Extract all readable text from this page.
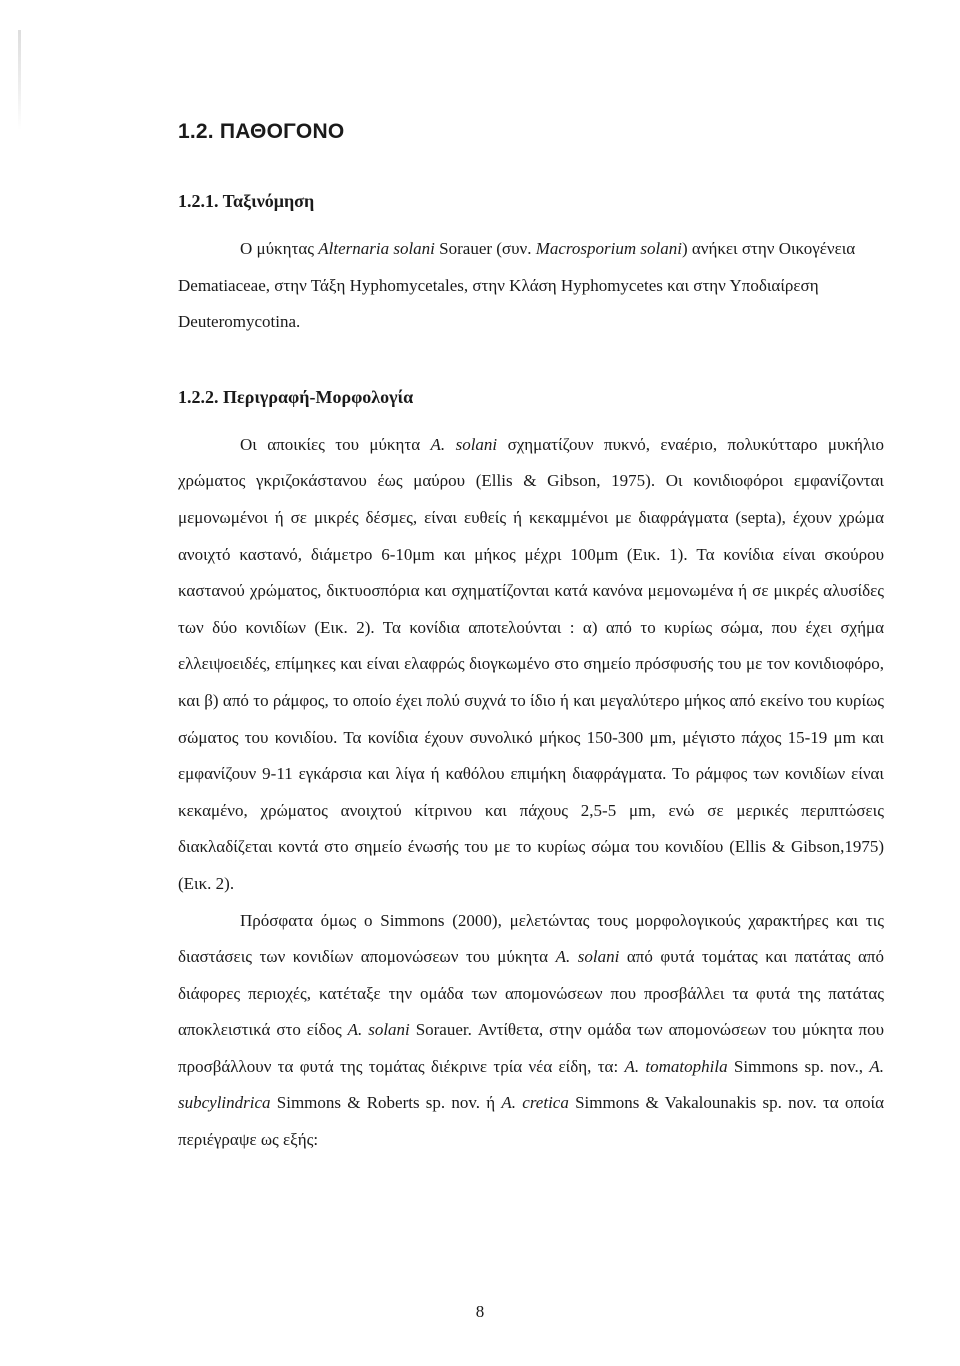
1.2. ΠΑΘΟΓΟΝΟ
1.2.1. Ταξινόμηση

Ο μύκητας Alternaria solani Sorauer (συν. Macrosporium solani) ανήκει στην Οικογένεια Dematiaceae, στην Τάξη Hyphomycetales, στην Κλάση Hyphomycetes και στην Υποδιαίρεση Deuteromycotina.

1.2.2. Περιγραφή-Μορφολογία

Οι αποικίες του μύκητα A. solani σχηματίζουν πυκνό, εναέριο, πολυκύτταρο μυκήλιο χρώματος γκριζοκάστανου έως μαύρου (Ellis & Gibson, 1975). Οι κονιδιοφόροι εμφανίζονται μεμονωμένοι ή σε μικρές δέσμες, είναι ευθείς ή κεκαμμένοι με διαφράγματα (septa), έχουν χρώμα ανοιχτό καστανό, διάμετρο 6-10μm και μήκος μέχρι 100μm (Εικ. 1). Τα κονίδια είναι σκούρου καστανού χρώματος, δικτυοσπόρια και σχηματίζονται κατά κανόνα μεμονωμένα ή σε μικρές αλυσίδες των δύο κονιδίων (Εικ. 2). Τα κονίδια αποτελούνται : α) από το κυρίως σώμα, που έχει σχήμα ελλειψοειδές, επίμηκες και είναι ελαφρώς διογκωμένο στο σημείο πρόσφυσής του με τον κονιδιοφόρο, και β) από το ράμφος, το οποίο έχει πολύ συχνά το ίδιο ή και μεγαλύτερο μήκος από εκείνο του κυρίως σώματος του κονιδίου. Τα κονίδια έχουν συνολικό μήκος 150-300 μm, μέγιστο πάχος 15-19 μm και εμφανίζουν 9-11 εγκάρσια και λίγα ή καθόλου επιμήκη διαφράγματα. Το ράμφος των κονιδίων είναι κεκαμένο, χρώματος ανοιχτού κίτρινου και πάχους 2,5-5 μm, ενώ σε μερικές περιπτώσεις διακλαδίζεται κοντά στο σημείο ένωσής του με το κυρίως σώμα του κονιδίου (Ellis & Gibson,1975) (Εικ. 2).

Πρόσφατα όμως ο Simmons (2000), μελετώντας τους μορφολογικούς χαρακτήρες και τις διαστάσεις των κονιδίων απομονώσεων του μύκητα A. solani από φυτά τομάτας και πατάτας από διάφορες περιοχές, κατέταξε την ομάδα των απομονώσεων που προσβάλλει τα φυτά της πατάτας αποκλειστικά στο είδος A. solani Sorauer. Αντίθετα, στην ομάδα των απομονώσεων του μύκητα που προσβάλλουν τα φυτά της τομάτας διέκρινε τρία νέα είδη, τα: A. tomatophila Simmons sp. nov., A. subcylindrica Simmons & Roberts sp. nov. ή A. cretica Simmons & Vakalounakis sp. nov. τα οποία περιέγραψε ως εξής:

8
